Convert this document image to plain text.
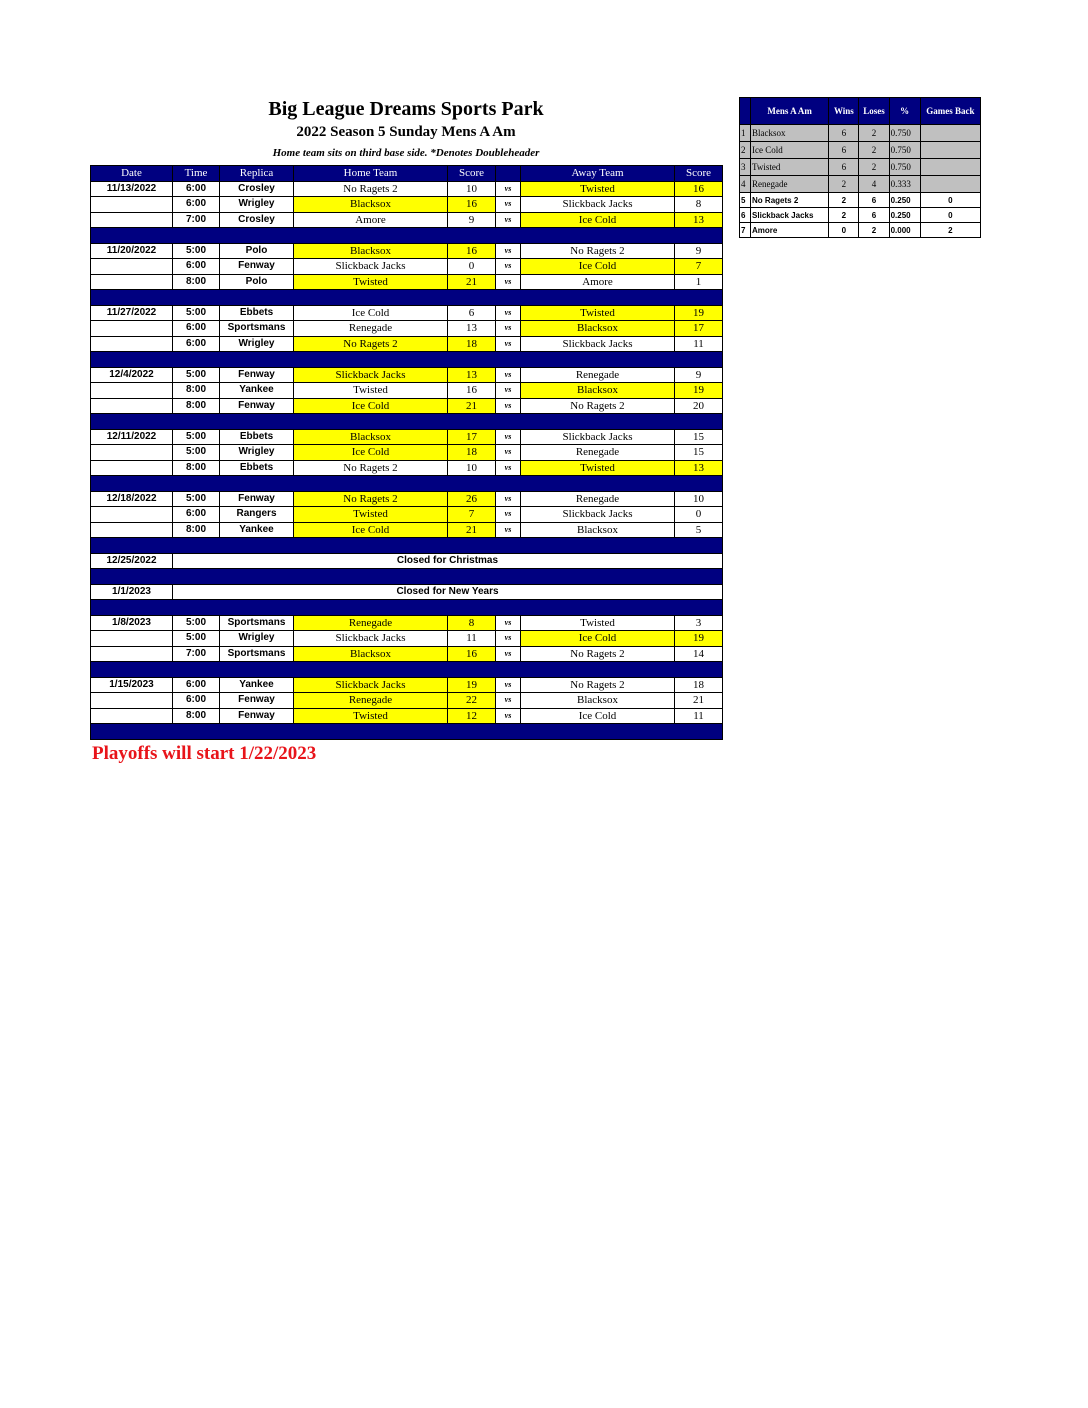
Big League Dreams Sports Park
2022 Season 5 Sunday Mens A Am
Home team sits on third base side. *Denotes Doubleheader
Date	Time	Replica	Home Team	Score		Away Team	Score
11/13/2022	6:00	Crosley	No Ragets 2	10	vs	Twisted	16
	6:00	Wrigley	Blacksox	16	vs	Slickback Jacks	8
	7:00	Crosley	Amore	9	vs	Ice Cold	13

11/20/2022	5:00	Polo	Blacksox	16	vs	No Ragets 2	9
	6:00	Fenway	Slickback Jacks	0	vs	Ice Cold	7
	8:00	Polo	Twisted	21	vs	Amore	1

11/27/2022	5:00	Ebbets	Ice Cold	6	vs	Twisted	19
	6:00	Sportsmans	Renegade	13	vs	Blacksox	17
	6:00	Wrigley	No Ragets 2	18	vs	Slickback Jacks	11

12/4/2022	5:00	Fenway	Slickback Jacks	13	vs	Renegade	9
	8:00	Yankee	Twisted	16	vs	Blacksox	19
	8:00	Fenway	Ice Cold	21	vs	No Ragets 2	20

12/11/2022	5:00	Ebbets	Blacksox	17	vs	Slickback Jacks	15
	5:00	Wrigley	Ice Cold	18	vs	Renegade	15
	8:00	Ebbets	No Ragets 2	10	vs	Twisted	13

12/18/2022	5:00	Fenway	No Ragets 2	26	vs	Renegade	10
	6:00	Rangers	Twisted	7	vs	Slickback Jacks	0
	8:00	Yankee	Ice Cold	21	vs	Blacksox	5

12/25/2022	Closed for Christmas						

1/1/2023	Closed for New Years						

1/8/2023	5:00	Sportsmans	Renegade	8	vs	Twisted	3
	5:00	Wrigley	Slickback Jacks	11	vs	Ice Cold	19
	7:00	Sportsmans	Blacksox	16	vs	No Ragets 2	14

1/15/2023	6:00	Yankee	Slickback Jacks	19	vs	No Ragets 2	18
	6:00	Fenway	Renegade	22	vs	Blacksox	21
	8:00	Fenway	Twisted	12	vs	Ice Cold	11

	Mens A Am	Wins	Loses	%	Games Back
1	Blacksox	6	2	0.750	
2	Ice Cold	6	2	0.750	
3	Twisted	6	2	0.750	
4	Renegade	2	4	0.333	
5	No Ragets 2	2	6	0.250	0
6	Slickback Jacks	2	6	0.250	0
7	Amore	0	2	0.000	2
Playoffs will start 1/22/2023
